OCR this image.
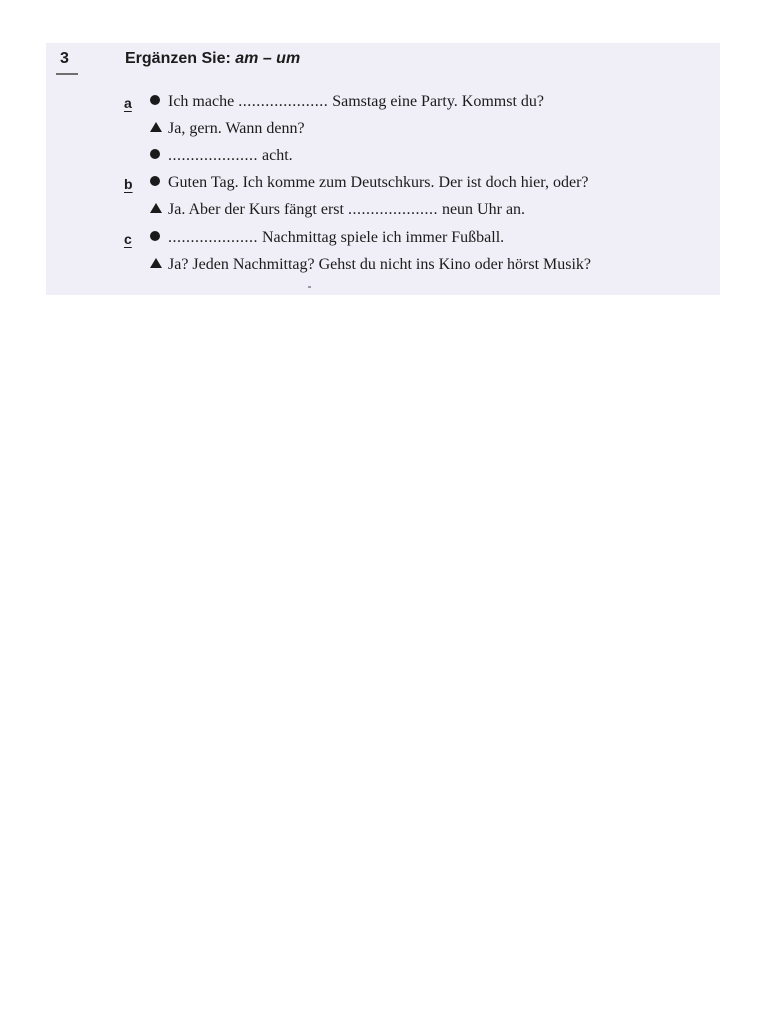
3	Ergänzen Sie: am – um
a Ich mache
....................
Samstag eine Party. Kommst du?
Ja, gern. Wann denn?
....................
acht.
b Guten Tag. Ich komme zum Deutschkurs. Der ist doch hier, oder?
Ja. Aber der Kurs fängt erst
....................
neun Uhr an.
c ....................
Nachmittag spiele ich immer Fußball.
Ja? Jeden Nachmittag? Gehst du nicht ins Kino oder hörst Musik?
